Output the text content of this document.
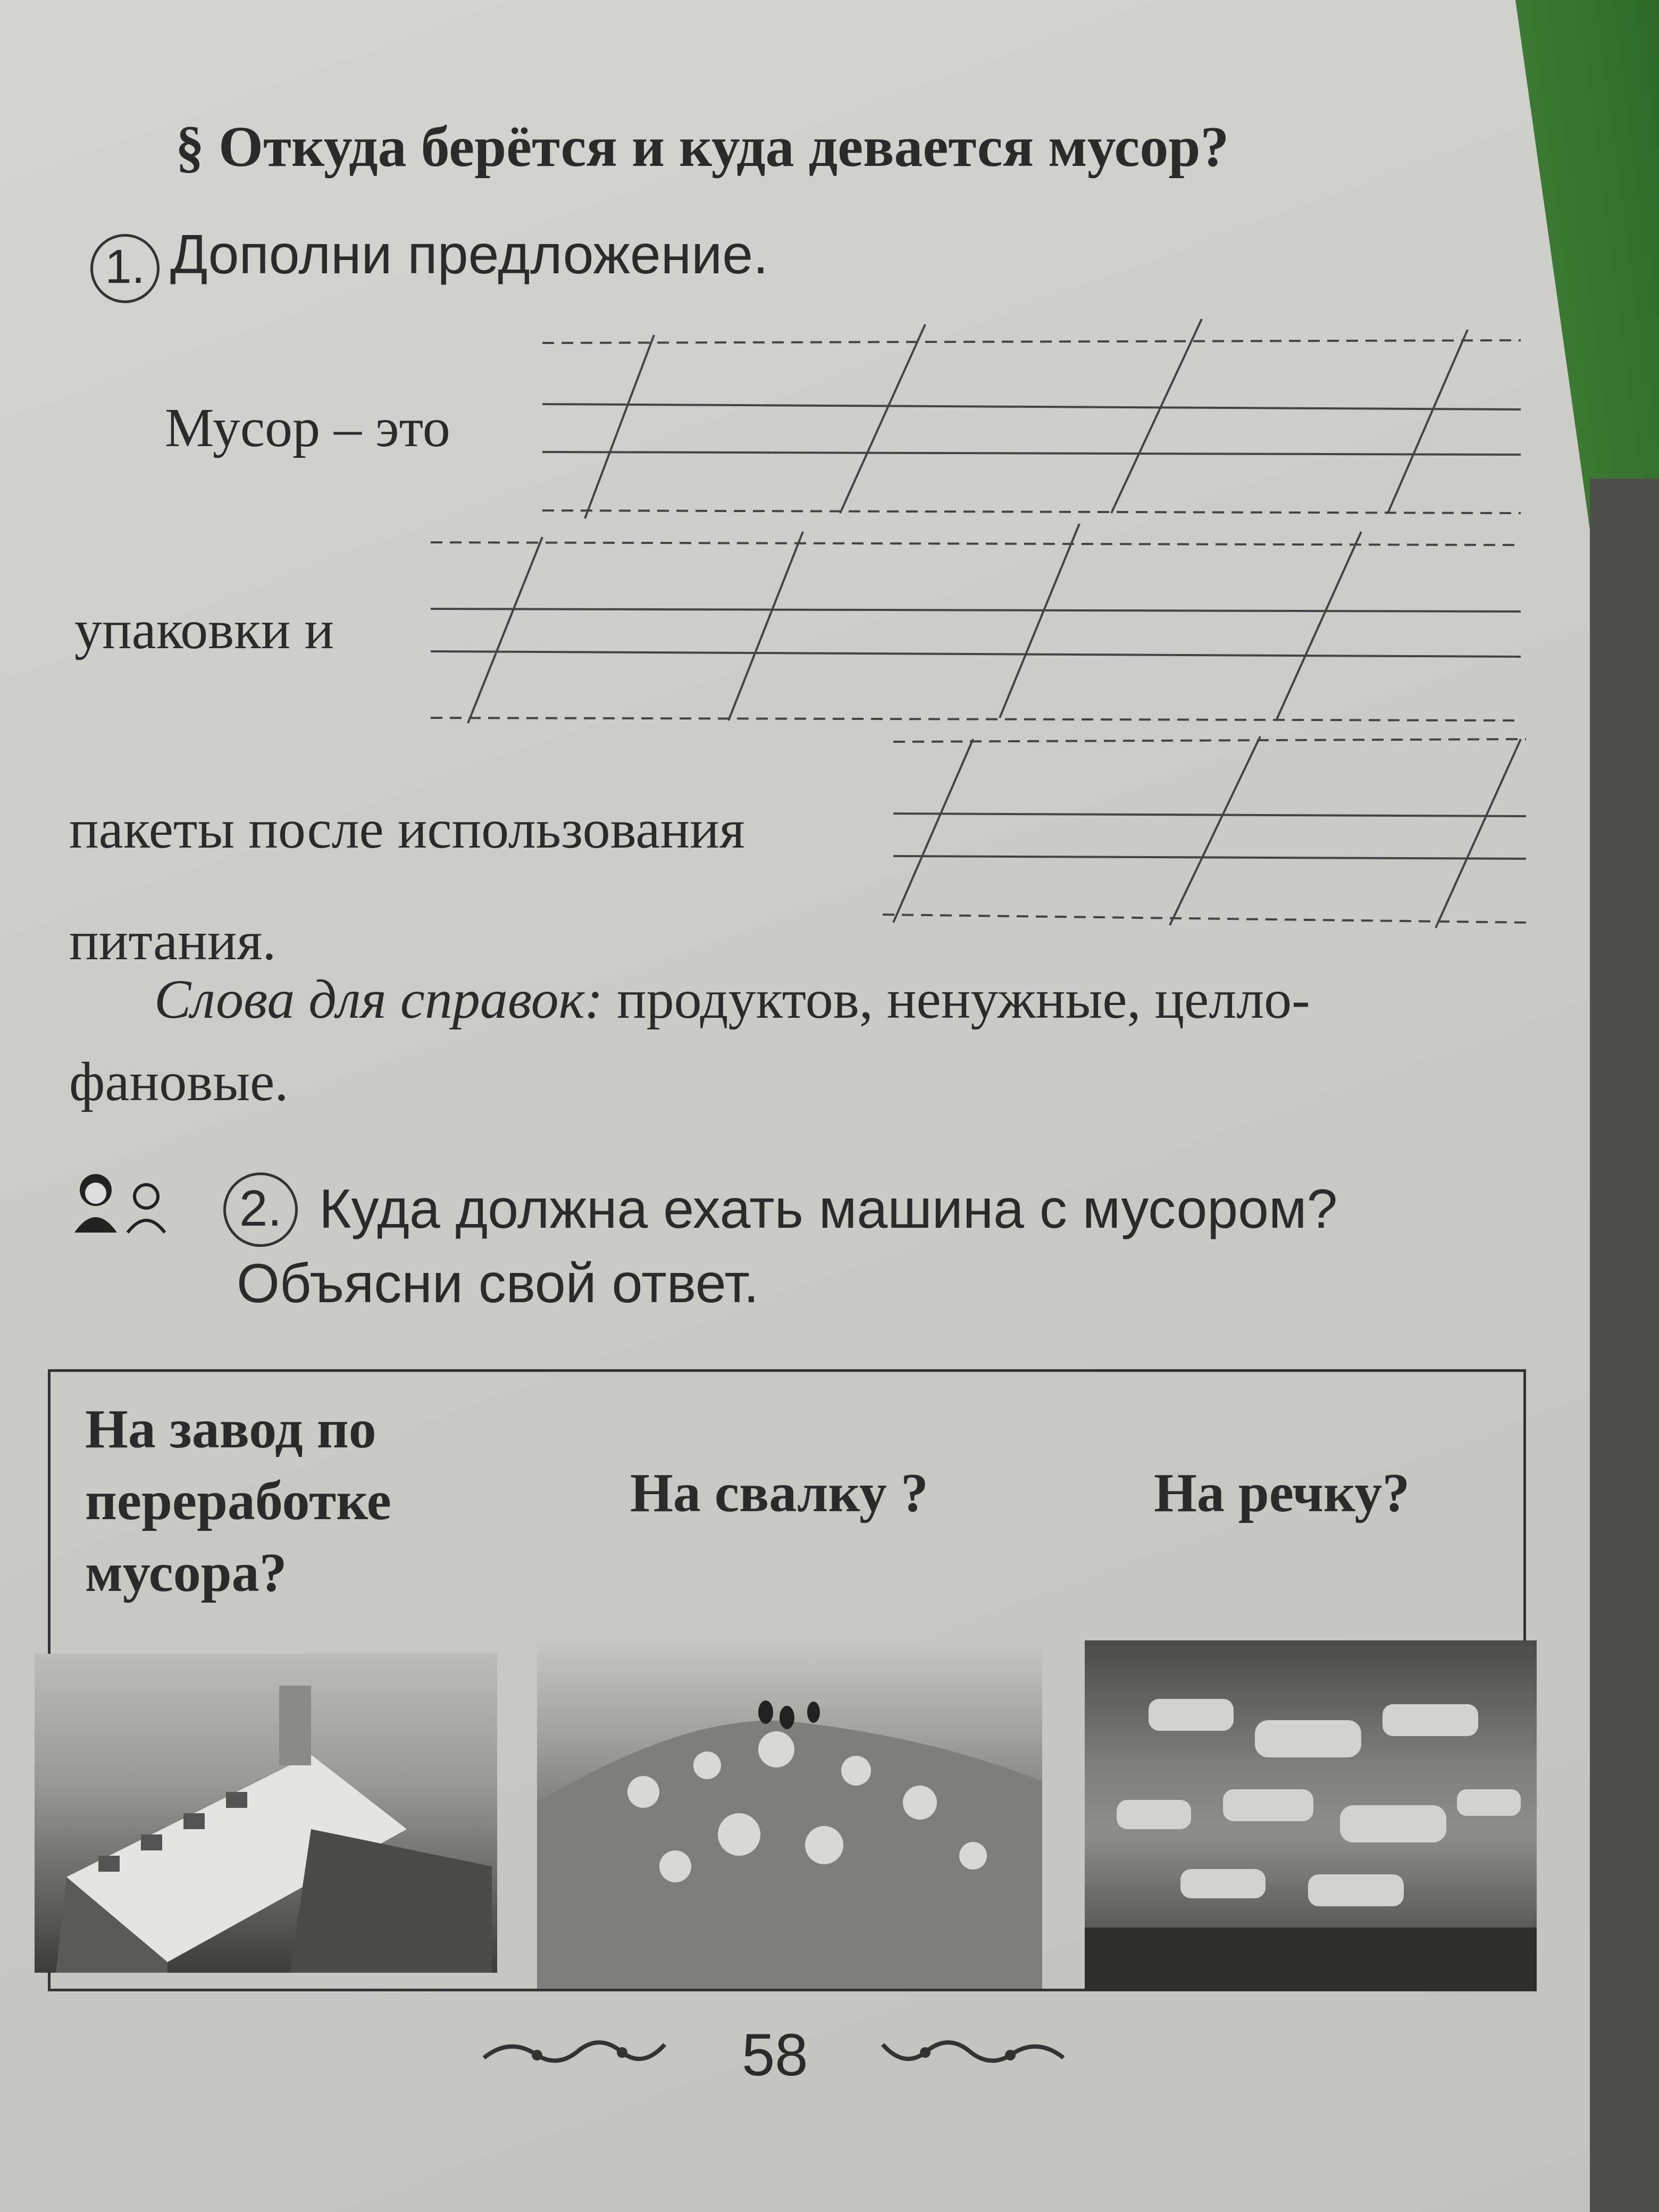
§ Откуда берётся и куда девается мусор?
1. Дополни предложение.
Мусор – это
упаковки и
пакеты после использования
питания.
Слова для справок: продуктов, ненужные, целло-
фановые.
2. Куда должна ехать машина с мусором?
Объясни свой ответ.
На завод по
переработке
мусора?
На свалку ?	На речку?
58
